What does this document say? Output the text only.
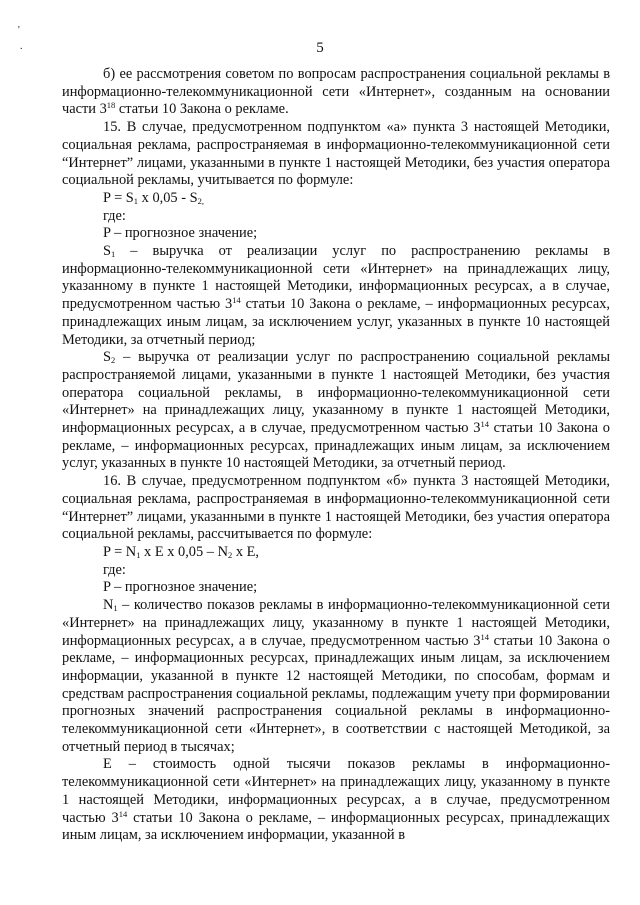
'
.	5

б) ее рассмотрения советом по вопросам распространения социальной рекламы в информационно-телекоммуникационной сети «Интернет», созданным на основании части $3^{18}$ статьи 10 Закона о рекламе.

15. В случае, предусмотренном подпунктом «а» пункта 3 настоящей Методики, социальная реклама, распространяемая в информационно-телекоммуникационной сети “Интернет” лицами, указанными в пункте 1 настоящей Методики, без участия оператора социальной рекламы, учитывается по формуле:

$P = S_1$ x $0,05 - S_{2,}$

где:

P – прогнозное значение;

$S_1$ – выручка от реализации услуг по распространению рекламы в информационно-телекоммуникационной сети «Интернет» на принадлежащих лицу, указанному в пункте 1 настоящей Методики, информационных ресурсах, а в случае, предусмотренном частью $3^{14}$ статьи 10 Закона о рекламе, – информационных ресурсах, принадлежащих иным лицам, за исключением услуг, указанных в пункте 10 настоящей Методики, за отчетный период;

$S_2$ – выручка от реализации услуг по распространению социальной рекламы распространяемой лицами, указанными в пункте 1 настоящей Методики, без участия оператора социальной рекламы, в информационно-телекоммуникационной сети «Интернет» на принадлежащих лицу, указанному в пункте 1 настоящей Методики, информационных ресурсах, а в случае, предусмотренном частью $3^{14}$ статьи 10 Закона о рекламе, – информационных ресурсах, принадлежащих иным лицам, за исключением услуг, указанных в пункте 10 настоящей Методики, за отчетный период.

16. В случае, предусмотренном подпунктом «б» пункта 3 настоящей Методики, социальная реклама, распространяемая в информационно-телекоммуникационной сети “Интернет” лицами, указанными в пункте 1 настоящей Методики, без участия оператора социальной рекламы, рассчитывается по формуле:

$P = N_1$ x E x $0,05 - N_2$ x E,

где:

P – прогнозное значение;

$N_1$ – количество показов рекламы в информационно-телекоммуникационной сети «Интернет» на принадлежащих лицу, указанному в пункте 1 настоящей Методики, информационных ресурсах, а в случае, предусмотренном частью $3^{14}$ статьи 10 Закона о рекламе, – информационных ресурсах, принадлежащих иным лицам, за исключением информации, указанной в пункте 12 настоящей Методики, по способам, формам и средствам распространения социальной рекламы, подлежащим учету при формировании прогнозных значений распространения социальной рекламы в информационно-телекоммуникационной сети «Интернет», в соответствии с настоящей Методикой, за отчетный период в тысячах;

E – стоимость одной тысячи показов рекламы в информационно-телекоммуникационной сети «Интернет» на принадлежащих лицу, указанному в пункте 1 настоящей Методики, информационных ресурсах, а в случае, предусмотренном частью $3^{14}$ статьи 10 Закона о рекламе, – информационных ресурсах, принадлежащих иным лицам, за исключением информации, указанной в
